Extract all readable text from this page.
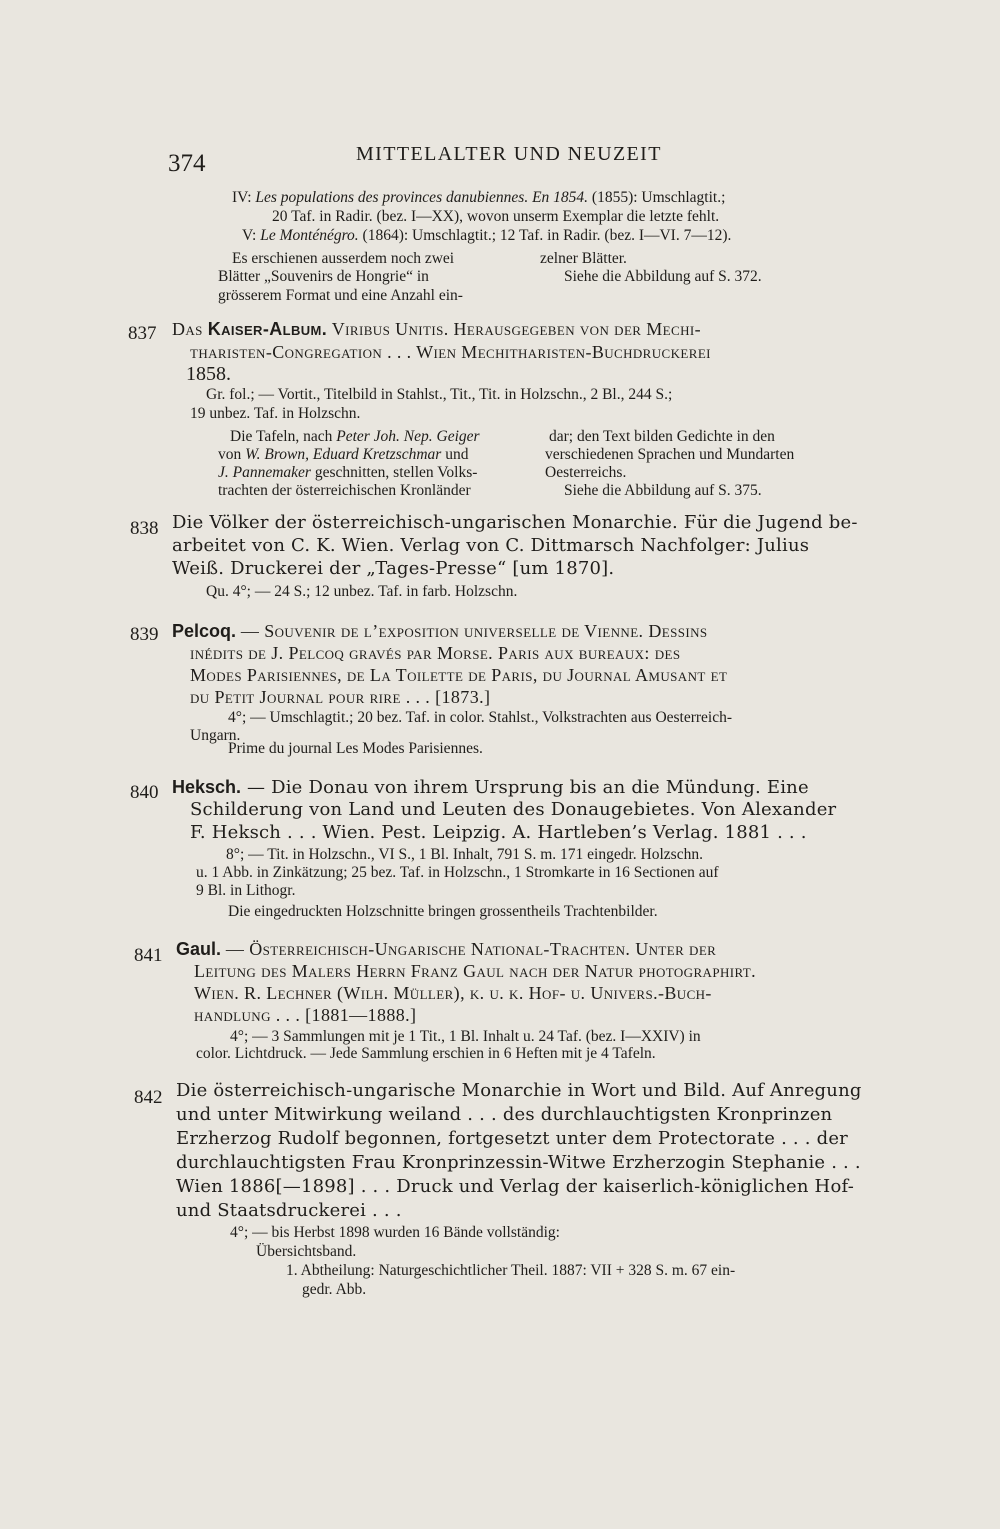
374	MITTELALTER UND NEUZEIT
IV: Les populations des provinces danubiennes. En 1854. (1855): Umschlagtit.;
20 Taf. in Radir. (bez. I—XX), wovon unserm Exemplar die letzte fehlt.
V: Le Monténégro. (1864): Umschlagtit.; 12 Taf. in Radir. (bez. I—VI. 7—12).
Es erschienen ausserdem noch zwei
Blätter „Souvenirs de Hongrie“ in
grösserem Format und eine Anzahl ein-
zelner Blätter.
Siehe die Abbildung auf S. 372.
837 Das Kaiser-Album. Viribus Unitis. Herausgegeben von der Mechi-
tharisten-Congregation . . . Wien Mechitharisten-Buchdruckerei
1858.
Gr. fol.; — Vortit., Titelbild in Stahlst., Tit., Tit. in Holzschn., 2 Bl., 244 S.;
19 unbez. Taf. in Holzschn.
Die Tafeln, nach Peter Joh. Nep. Geiger
von W. Brown, Eduard Kretzschmar und
J. Pannemaker geschnitten, stellen Volks-
trachten der österreichischen Kronländer
dar; den Text bilden Gedichte in den
verschiedenen Sprachen und Mundarten
Oesterreichs.
Siehe die Abbildung auf S. 375.
838 Die Völker der österreichisch-ungarischen Monarchie. Für die Jugend be-
arbeitet von C. K. Wien. Verlag von C. Dittmarsch Nachfolger: Julius
Weiß. Druckerei der „Tages-Presse“ [um 1870].
Qu. 4°; — 24 S.; 12 unbez. Taf. in farb. Holzschn.
839 Pelcoq. — Souvenir de l’exposition universelle de Vienne. Dessins
inédits de J. Pelcoq gravés par Morse. Paris aux bureaux: des
Modes Parisiennes, de La Toilette de Paris, du Journal Amusant et
du Petit Journal pour rire . . . [1873.]
4°; — Umschlagtit.; 20 bez. Taf. in color. Stahlst., Volkstrachten aus Oesterreich-
Ungarn.
Prime du journal Les Modes Parisiennes.
840 Heksch. — Die Donau von ihrem Ursprung bis an die Mündung. Eine
Schilderung von Land und Leuten des Donaugebietes. Von Alexander
F. Heksch . . . Wien. Pest. Leipzig. A. Hartleben’s Verlag. 1881 . . .
8°; — Tit. in Holzschn., VI S., 1 Bl. Inhalt, 791 S. m. 171 eingedr. Holzschn.
u. 1 Abb. in Zinkätzung; 25 bez. Taf. in Holzschn., 1 Stromkarte in 16 Sectionen auf
9 Bl. in Lithogr.
Die eingedruckten Holzschnitte bringen grossentheils Trachtenbilder.
841 Gaul. — Österreichisch-Ungarische National-Trachten. Unter der
Leitung des Malers Herrn Franz Gaul nach der Natur photographirt.
Wien. R. Lechner (Wilh. Müller), k. u. k. Hof- u. Univers.-Buch-
handlung . . . [1881—1888.]
4°; — 3 Sammlungen mit je 1 Tit., 1 Bl. Inhalt u. 24 Taf. (bez. I—XXIV) in
color. Lichtdruck. — Jede Sammlung erschien in 6 Heften mit je 4 Tafeln.
842 Die österreichisch-ungarische Monarchie in Wort und Bild. Auf Anregung
und unter Mitwirkung weiland . . . des durchlauchtigsten Kronprinzen
Erzherzog Rudolf begonnen, fortgesetzt unter dem Protectorate . . . der
durchlauchtigsten Frau Kronprinzessin-Witwe Erzherzogin Stephanie . . .
Wien 1886[—1898] . . . Druck und Verlag der kaiserlich-königlichen Hof-
und Staatsdruckerei . . .
4°; — bis Herbst 1898 wurden 16 Bände vollständig:
Übersichtsband.
1. Abtheilung: Naturgeschichtlicher Theil. 1887: VII + 328 S. m. 67 ein-
gedr. Abb.
